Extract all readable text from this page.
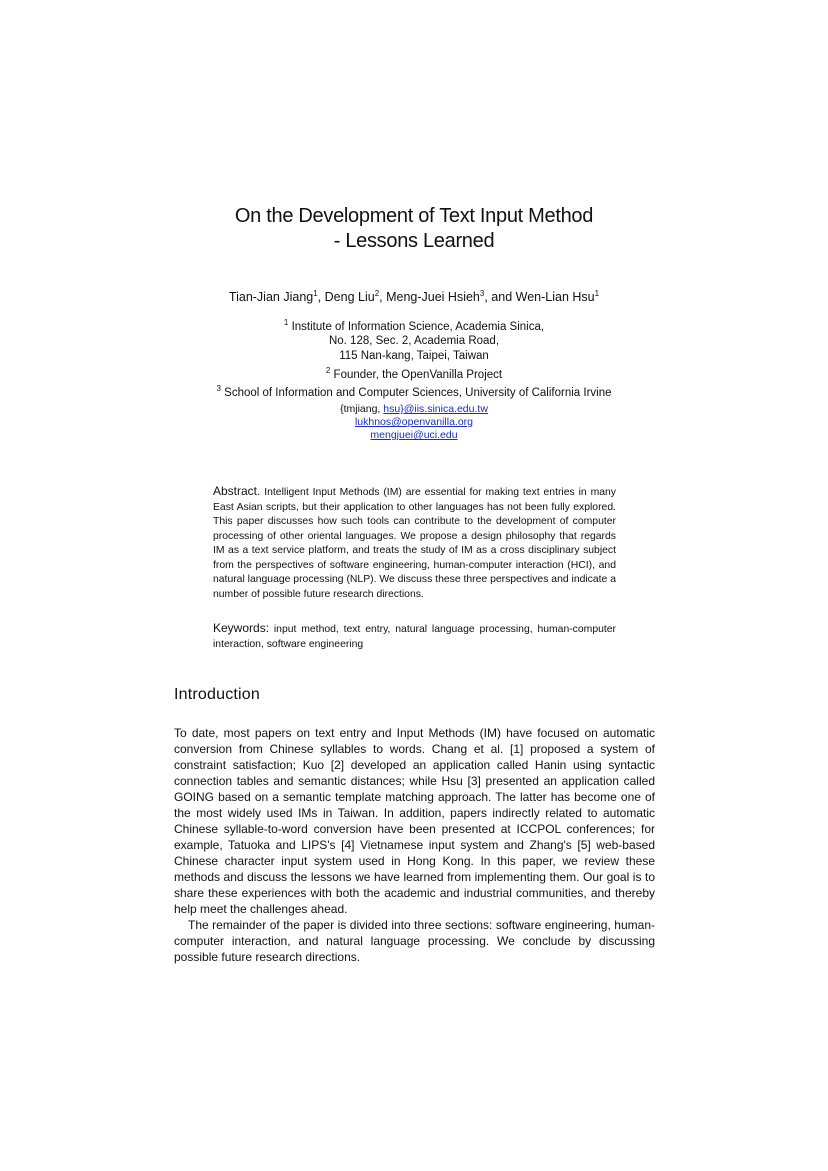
On the Development of Text Input Method
- Lessons Learned
Tian-Jian Jiang$^1$, Deng Liu$^2$, Meng-Juei Hsieh$^3$, and Wen-Lian Hsu$^1$
$^1$ Institute of Information Science, Academia Sinica,
No. 128, Sec. 2, Academia Road,
115 Nan-kang, Taipei, Taiwan
$^2$ Founder, the OpenVanilla Project
$^3$ School of Information and Computer Sciences, University of California Irvine
{tmjiang, hsu}@iis.sinica.edu.tw
lukhnos@openvanilla.org
mengjuei@uci.edu
Abstract. Intelligent Input Methods (IM) are essential for making text entries in many East Asian scripts, but their application to other languages has not been fully explored. This paper discusses how such tools can contribute to the development of computer processing of other oriental languages. We propose a design philosophy that regards IM as a text service platform, and treats the study of IM as a cross disciplinary subject from the perspectives of software engineering, human-computer interaction (HCI), and natural language processing (NLP). We discuss these three perspectives and indicate a number of possible future research directions.
Keywords: input method, text entry, natural language processing, human-computer interaction, software engineering
Introduction

To date, most papers on text entry and Input Methods (IM) have focused on automatic conversion from Chinese syllables to words. Chang et al. [1] proposed a system of constraint satisfaction; Kuo [2] developed an application called Hanin using syntactic connection tables and semantic distances; while Hsu [3] presented an application called GOING based on a semantic template matching approach. The latter has become one of the most widely used IMs in Taiwan. In addition, papers indirectly related to automatic Chinese syllable-to-word conversion have been presented at ICCPOL conferences; for example, Tatuoka and LIPS's [4] Vietnamese input system and Zhang's [5] web-based Chinese character input system used in Hong Kong. In this paper, we review these methods and discuss the lessons we have learned from implementing them. Our goal is to share these experiences with both the academic and industrial communities, and thereby help meet the challenges ahead.

The remainder of the paper is divided into three sections: software engineering, human-computer interaction, and natural language processing. We conclude by discussing possible future research directions.
